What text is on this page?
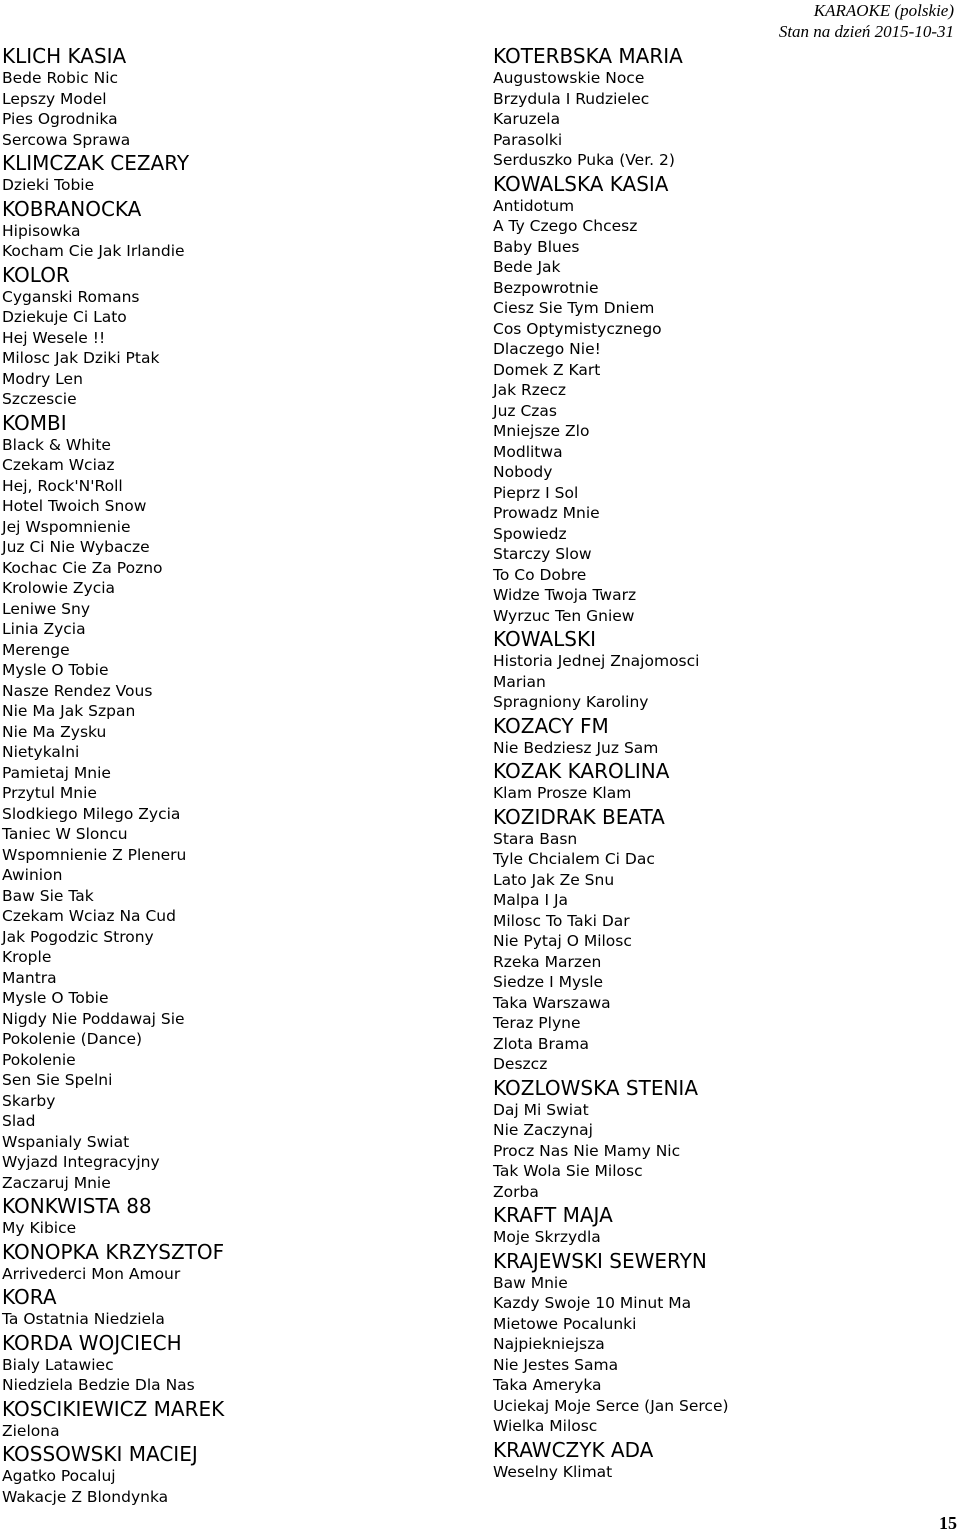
KARAOKE (polskie)
Stan na dzień 2015-10-31
KLICH KASIA
Bede Robic Nic
Lepszy Model
Pies Ogrodnika
Sercowa Sprawa
KLIMCZAK CEZARY
Dzieki Tobie
KOBRANOCKA
Hipisowka
Kocham Cie Jak Irlandie
KOLOR
Cyganski Romans
Dziekuje Ci Lato
Hej Wesele !!
Milosc Jak Dziki Ptak
Modry Len
Szczescie
KOMBI
Black & White
Czekam Wciaz
Hej, Rock'N'Roll
Hotel Twoich Snow
Jej Wspomnienie
Juz Ci Nie Wybacze
Kochac Cie Za Pozno
Krolowie Zycia
Leniwe Sny
Linia Zycia
Merenge
Mysle O Tobie
Nasze Rendez Vous
Nie Ma Jak Szpan
Nie Ma Zysku
Nietykalni
Pamietaj Mnie
Przytul Mnie
Slodkiego Milego Zycia
Taniec W Sloncu
Wspomnienie Z Pleneru
Awinion
Baw Sie Tak
Czekam Wciaz Na Cud
Jak Pogodzic Strony
Krople
Mantra
Mysle O Tobie
Nigdy Nie Poddawaj Sie
Pokolenie (Dance)
Pokolenie
Sen Sie Spelni
Skarby
Slad
Wspanialy Swiat
Wyjazd Integracyjny
Zaczaruj Mnie
KONKWISTA 88
My Kibice
KONOPKA KRZYSZTOF
Arrivederci Mon Amour
KORA
Ta Ostatnia Niedziela
KORDA WOJCIECH
Bialy Latawiec
Niedziela Bedzie Dla Nas
KOSCIKIEWICZ MAREK
Zielona
KOSSOWSKI MACIEJ
Agatko Pocaluj
Wakacje Z Blondynka
KOTERBSKA MARIA
Augustowskie Noce
Brzydula I Rudzielec
Karuzela
Parasolki
Serduszko Puka (Ver. 2)
KOWALSKA KASIA
Antidotum
A Ty Czego Chcesz
Baby Blues
Bede Jak
Bezpowrotnie
Ciesz Sie Tym Dniem
Cos Optymistycznego
Dlaczego Nie!
Domek Z Kart
Jak Rzecz
Juz Czas
Mniejsze Zlo
Modlitwa
Nobody
Pieprz I Sol
Prowadz Mnie
Spowiedz
Starczy Slow
To Co Dobre
Widze Twoja Twarz
Wyrzuc Ten Gniew
KOWALSKI
Historia Jednej Znajomosci
Marian
Spragniony Karoliny
KOZACY FM
Nie Bedziesz Juz Sam
KOZAK KAROLINA
Klam Prosze Klam
KOZIDRAK BEATA
Stara Basn
Tyle Chcialem Ci Dac
Lato Jak Ze Snu
Malpa I Ja
Milosc To Taki Dar
Nie Pytaj O Milosc
Rzeka Marzen
Siedze I Mysle
Taka Warszawa
Teraz Plyne
Zlota Brama
Deszcz
KOZLOWSKA STENIA
Daj Mi Swiat
Nie Zaczynaj
Procz Nas Nie Mamy Nic
Tak Wola Sie Milosc
Zorba
KRAFT MAJA
Moje Skrzydla
KRAJEWSKI SEWERYN
Baw Mnie
Kazdy Swoje 10 Minut Ma
Mietowe Pocalunki
Najpiekniejsza
Nie Jestes Sama
Taka Ameryka
Uciekaj Moje Serce (Jan Serce)
Wielka Milosc
KRAWCZYK ADA
Weselny Klimat
15
